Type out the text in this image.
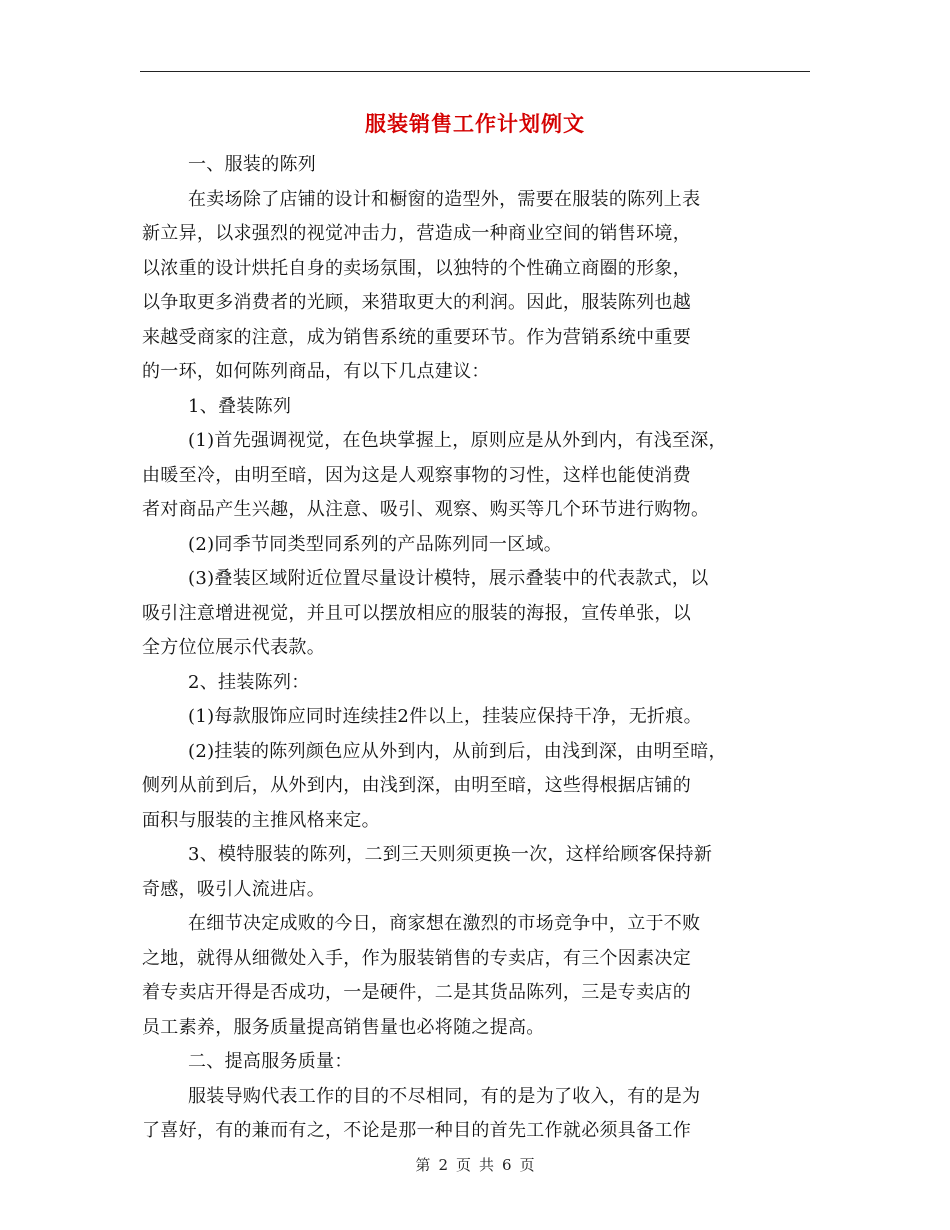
服装销售工作计划例文
一、服装的陈列
在卖场除了店铺的设计和橱窗的造型外，需要在服装的陈列上表
新立异，以求强烈的视觉冲击力，营造成一种商业空间的销售环境，
以浓重的设计烘托自身的卖场氛围，以独特的个性确立商圈的形象，
以争取更多消费者的光顾，来猎取更大的利润。因此，服装陈列也越
来越受商家的注意，成为销售系统的重要环节。作为营销系统中重要
的一环，如何陈列商品，有以下几点建议：
1、叠装陈列
(1)首先强调视觉，在色块掌握上，原则应是从外到内，有浅至深，
由暖至冷，由明至暗，因为这是人观察事物的习性，这样也能使消费
者对商品产生兴趣，从注意、吸引、观察、购买等几个环节进行购物。
(2)同季节同类型同系列的产品陈列同一区域。
(3)叠装区域附近位置尽量设计模特，展示叠装中的代表款式，以
吸引注意增进视觉，并且可以摆放相应的服装的海报，宣传单张，以
全方位位展示代表款。
2、挂装陈列：
(1)每款服饰应同时连续挂2件以上，挂装应保持干净，无折痕。
(2)挂装的陈列颜色应从外到内，从前到后，由浅到深，由明至暗，
侧列从前到后，从外到内，由浅到深，由明至暗，这些得根据店铺的
面积与服装的主推风格来定。
3、模特服装的陈列，二到三天则须更换一次，这样给顾客保持新
奇感，吸引人流进店。
在细节决定成败的今日，商家想在激烈的市场竞争中，立于不败
之地，就得从细微处入手，作为服装销售的专卖店，有三个因素决定
着专卖店开得是否成功，一是硬件，二是其货品陈列，三是专卖店的
员工素养，服务质量提高销售量也必将随之提高。
二、提高服务质量：
服装导购代表工作的目的不尽相同，有的是为了收入，有的是为
了喜好，有的兼而有之，不论是那一种目的首先工作就必须具备工作
第 2 页 共 6 页
